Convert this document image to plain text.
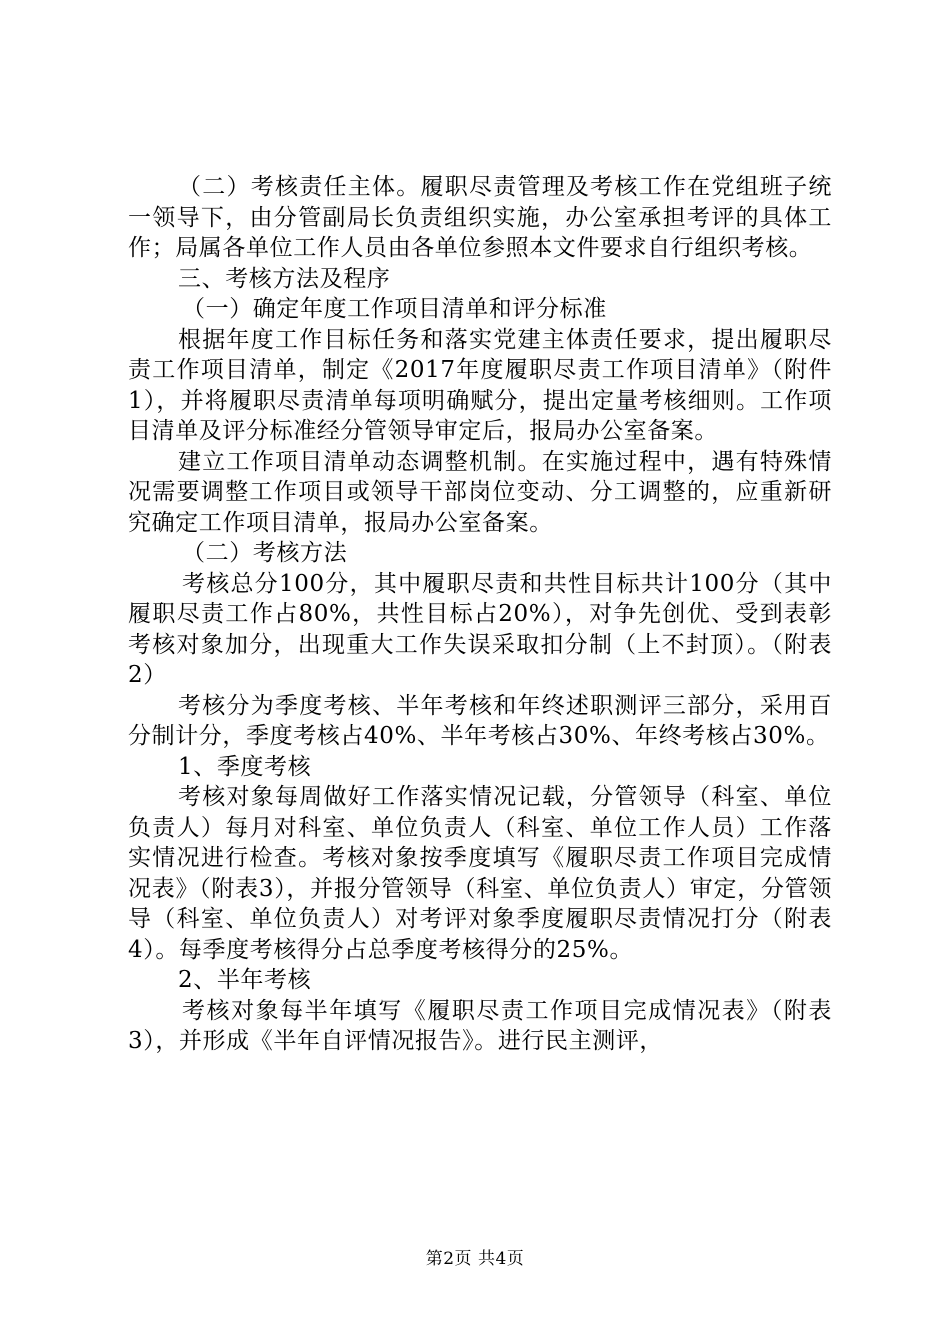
（二）考核责任主体。履职尽责管理及考核工作在党组班子统一领导下，由分管副局长负责组织实施，办公室承担考评的具体工作；局属各单位工作人员由各单位参照本文件要求自行组织考核。

三、考核方法及程序

（一）确定年度工作项目清单和评分标准

根据年度工作目标任务和落实党建主体责任要求，提出履职尽责工作项目清单，制定《2017年度履职尽责工作项目清单》（附件1），并将履职尽责清单每项明确赋分，提出定量考核细则。工作项目清单及评分标准经分管领导审定后，报局办公室备案。

建立工作项目清单动态调整机制。在实施过程中，遇有特殊情况需要调整工作项目或领导干部岗位变动、分工调整的，应重新研究确定工作项目清单，报局办公室备案。

（二）考核方法

考核总分100分，其中履职尽责和共性目标共计100分（其中履职尽责工作占80%，共性目标占20%），对争先创优、受到表彰考核对象加分，出现重大工作失误采取扣分制（上不封顶）。（附表2）

考核分为季度考核、半年考核和年终述职测评三部分，采用百分制计分，季度考核占40%、半年考核占30%、年终考核占30%。

1、季度考核

考核对象每周做好工作落实情况记载，分管领导（科室、单位负责人）每月对科室、单位负责人（科室、单位工作人员）工作落实情况进行检查。考核对象按季度填写《履职尽责工作项目完成情况表》（附表3），并报分管领导（科室、单位负责人）审定，分管领导（科室、单位负责人）对考评对象季度履职尽责情况打分（附表4）。每季度考核得分占总季度考核得分的25%。

2、半年考核

考核对象每半年填写《履职尽责工作项目完成情况表》（附表3），并形成《半年自评情况报告》。进行民主测评，

第2页 共4页
